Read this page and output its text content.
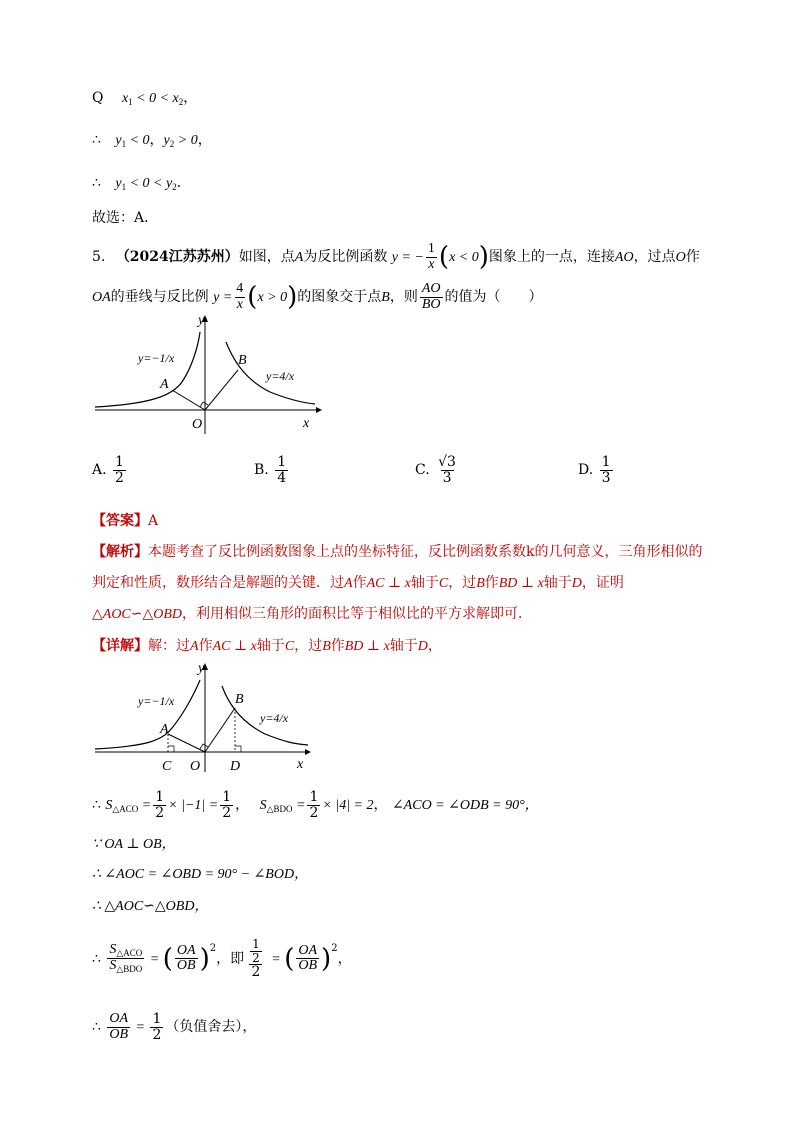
Q $x_1 < 0 < x_2$，
∴ $y_1 < 0$，$y_2 > 0$，
∴ $y_1 < 0 < y_2$．
故选：A．
5. （2024江苏苏州）如图，点A为反比例函数 y = − $\frac{1}{x} (x < 0)$图象上的一点，连接AO，过点O作
OA的垂线与反比例 $y = \frac{4}{x} (x > 0)$的图象交于点B，则 $\frac{AO}{BO}$ 的值为（　　）
y
x
O
A
B
y=−1/x
y=4/x
A. $\frac{1}{2}$	B. $\frac{1}{4}$	C. $\frac{√3}{3}$	D. $\frac{1}{3}$
【答案】A
【解析】本题考查了反比例函数图象上点的坐标特征，反比例函数系数k的几何意义，三角形相似的
判定和性质，数形结合是解题的关键．过A作AC ⊥ x轴于C，过B作BD ⊥ x轴于D，证明
△AOC∽△OBD，利用相似三角形的面积比等于相似比的平方求解即可．
【详解】解：过A作AC ⊥ x轴于C，过B作BD ⊥ x轴于D，
y
x
O
A
B
C	D
y=−1/x
y=4/x
∴ $S_{\triangle ACO} = \frac{1}{2} \times |-1| = \frac{1}{2}$ ， $S_{\triangle BDO} = \frac{1}{2} \times |4| = 2$， ∠ACO = ∠ODB = 90°，
∵ OA ⊥ OB，
∴ ∠AOC = ∠OBD = 90° − ∠BOD，
∴ △AOC∽△OBD，
∴ $\frac{S_{\triangle ACO}}{S_{\triangle BDO}}$ = ( $\frac{OA}{OB} )^2$，即 $\frac{\frac{1}{2}}{2}$ = ( $\frac{OA}{OB} )^2$，
∴ $\frac{OA}{OB} = \frac{1}{2}$ （负值舍去），
